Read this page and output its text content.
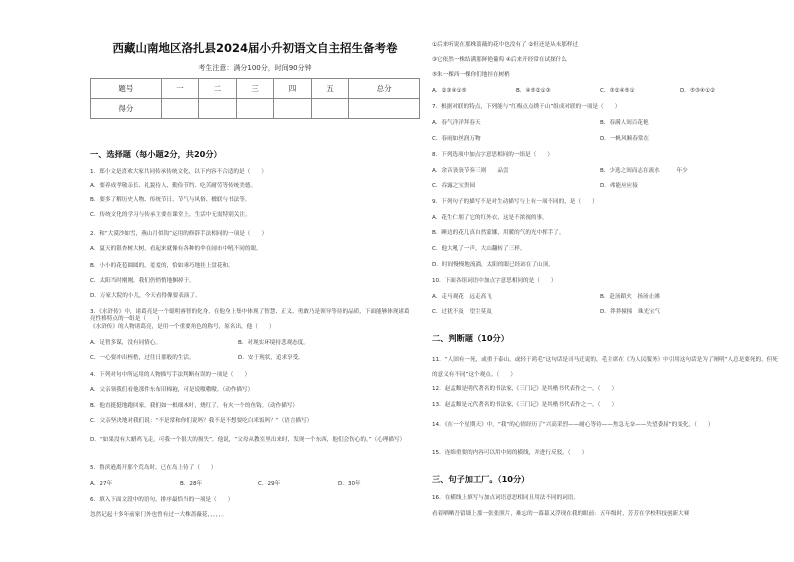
西藏山南地区洛扎县2024届小升初语文自主招生备考卷
考生注意：满分100分，时间90分钟
题号	一	二	三	四	五	总分
得分						
一、选择题（每小题2分，共20分）
1．郑小文是喜欢大家共同传承传统文化，以下内容不合适的是（　　）
A．要养成孝敬亲长、礼貌待人、勤俭节约、吃苦耐劳等传统美德。
B．要多了解历史人物、传统节日、节气与风俗、楹联与书法等。
C．传统文化的学习与传承主要在课堂上，生活中无需特别关注。
2．和“大漠沙如雪，燕山月似钩”运用的修辞手法相同的一项是（　　）
A．夏天的银杏树大树，看起来就像有各种的伞在闹市中吼不同的眼。
B．小小的花苞圆圆的，羞羞的，恰如乖巧地挂上盘花和。
C．太阳当时刚刚，我们仍悄悄地捆掉于。
D．万家大院的小儿，今天看得像要表演了。
3．《水浒传》中，诸葛亮是一个聪明睿智的化身，在他身上集中体现了智慧、正义、勇敢乃是领导等待的品质，下面能够体现诸葛亮性格特点的一组是（　　）
《水浒传》的人物诸葛亮，是用一个重要角色的称号，原名出，他（　　）
A．足智多谋，没有同情心。	B．对现实环境持悲观态度。
C．一心要冲出桎梏，过往日那般的生活。	D．安于现状，追求享受。
4．下列对句中所运用的人物描写手法判断有误的一项是（　　）
A．父亲领我们看他那件东布旧棉袍，可是说嗷嗷嗷。（动作描写）
B．他直挺挺地跑回家，我们如一根细木叶，烧红了，有火一个的鱼钩。（动作描写）
C．父亲坚决地对我们说：“不是常和你们说吗？我不是不想要吃白米饭吗？”（语言描写）
D．“如果没有大蜡鸡飞走，可我一个很大的损失”，他说，“父母从教室里出来时，发现一个东西，他们会伤心的。”（心理描写）
5．鲁滨逊离开那个荒岛时，已在岛上待了（　　）
A．27年	B．28年	C．29年	D．30年
6．填入下面文段中的语句，排序最恰当的一项是（　　）
忽然记起十多年前家门外也曾有过一大株蔷薇花，，，，，。
①后来听说在那株蔷薇的花中也没有了 ②但还是从未那样过
③它依然一株结满那鲜艳葡萄 ④后来开经常在试探什么
⑤朱一棵西一棵你们地挂在树梢
A．②③④①⑤	B．④⑤②①③	C．③②④⑤①	D．⑤③④①②
7．根据对联的特点，下列能与“红梅点点绣千山”组成对联的一项是（　　）
A．春气洋洋拜春天	B．春满人间百花艳
C．春雨如丝润万物	D．一帆风顺春常在
8．下列选项中加点字意思相同的一组是（　　）
A．余音袅袅节奏三则　　品尝	B．少选之间而志在流水　　　年少
C．吞露之宝贵园	D．弗能应应接
9．下列句子的描写不是对生动描写与上有一项不同的，是（　　）
A．花生仁朋了它的红外衣，这是不浓视的事。
B．睡边的花儿真自然蒙娜，用暖的气的光中挥手了。
C．他大吼了一声，大山翻转了三样。
D．时间慢慢地流淌，太阳的眼已经站在了山顶。
10．下面各组词语中加点字意思相同的是（　　）
A．走马观花　远走高飞	B．赴汤蹈火　扬汤止沸
C．过犹不及　望尘莫及	D．莽莽撞撞　珠光宝气
二、判断题（10分）
11．“人固有一死，或重于泰山，或轻于鸿毛”这句话是司马迁说的，毛主席在《为人民服务》中引用这句话是为了阐明“人总是要死的，但死的意义有不同”这个观点。（　　）
12．赵孟頫是明代著名的书法家,《三门记》是其楷书代表作之一。（　　）
13．赵孟頫是元代著名的书法家,《三门记》是其楷书代表作之一。（　　）
14．《在一个星期天》中，“我”的心情经历了“兴高采烈——耐心等待——焦急无奈——失望委屈”的变化。（　　）
15．连绵重要的内容可以用中间的横线，并进行反驳。（　　）
三、句子加工厂。（10分）
16．在横线上填写与加点词语意思相同且用法不同的词语。
看着晒晒吾留墙上那一张张照片，难忘的一幕幕又浮现在我的眼前：五年级时，芳芳在学校科技创新大赛
